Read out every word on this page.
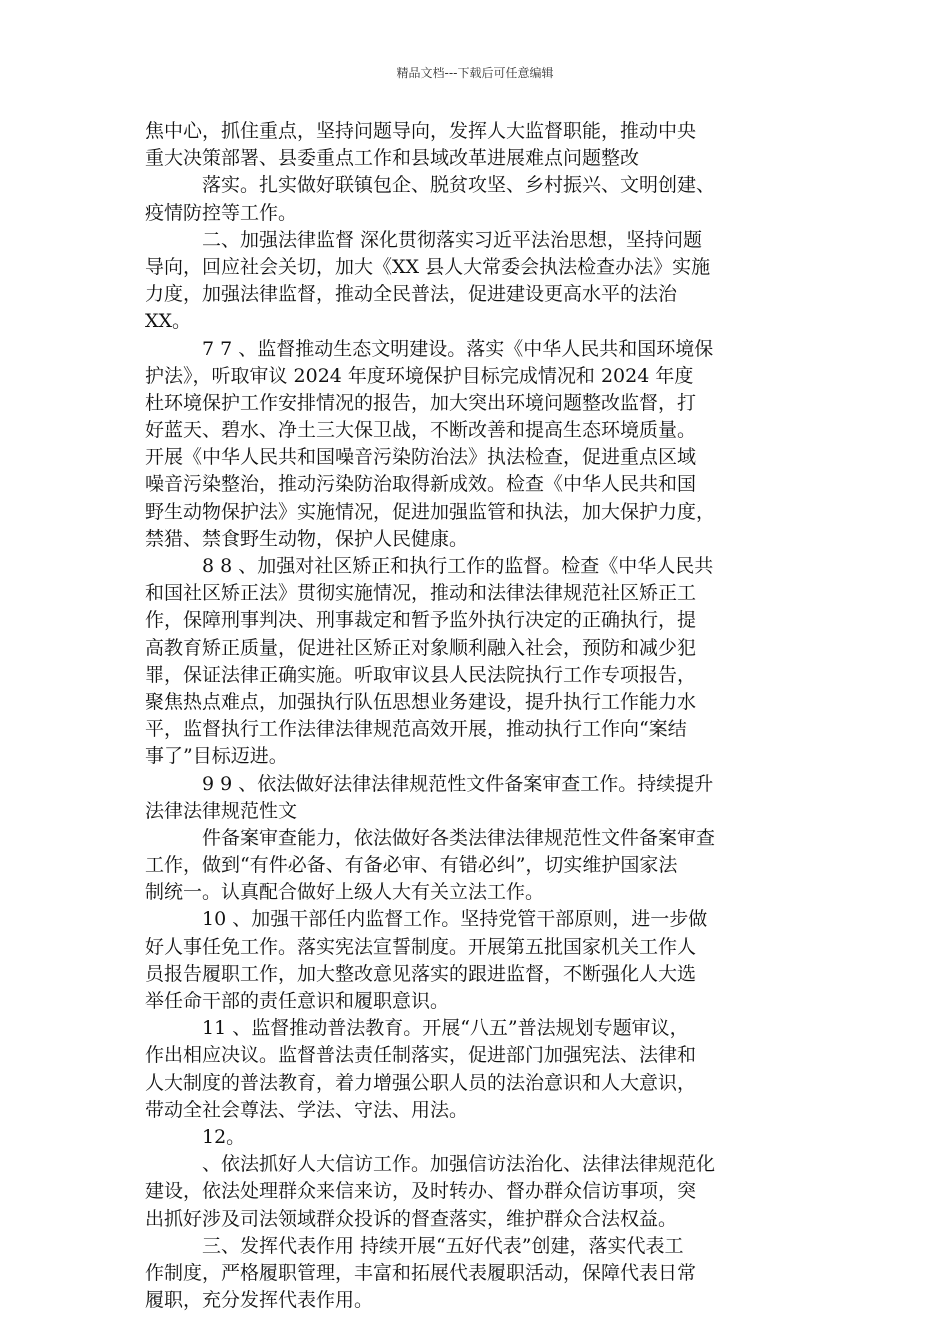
精品文档---下载后可任意编辑
焦中心，抓住重点，坚持问题导向，发挥人大监督职能，推动中央
重大决策部署、县委重点工作和县域改革进展难点问题整改
落实。扎实做好联镇包企、脱贫攻坚、乡村振兴、文明创建、
疫情防控等工作。
二、加强法律监督 深化贯彻落实习近平法治思想，坚持问题
导向，回应社会关切，加大《XX 县人大常委会执法检查办法》实施
力度，加强法律监督，推动全民普法，促进建设更高水平的法治
XX。
7 7 、监督推动生态文明建设。落实《中华人民共和国环境保
护法》，听取审议 2024 年度环境保护目标完成情况和 2024 年度
杜环境保护工作安排情况的报告，加大突出环境问题整改监督，打
好蓝天、碧水、净土三大保卫战，不断改善和提高生态环境质量。
开展《中华人民共和国噪音污染防治法》执法检查，促进重点区域
噪音污染整治，推动污染防治取得新成效。检查《中华人民共和国
野生动物保护法》实施情况，促进加强监管和执法，加大保护力度，
禁猎、禁食野生动物，保护人民健康。
8 8 、加强对社区矫正和执行工作的监督。检查《中华人民共
和国社区矫正法》贯彻实施情况，推动和法律法律规范社区矫正工
作，保障刑事判决、刑事裁定和暂予监外执行决定的正确执行，提
高教育矫正质量，促进社区矫正对象顺利融入社会，预防和减少犯
罪，保证法律正确实施。听取审议县人民法院执行工作专项报告，
聚焦热点难点，加强执行队伍思想业务建设，提升执行工作能力水
平，监督执行工作法律法律规范高效开展，推动执行工作向“案结
事了”目标迈进。
9 9 、依法做好法律法律规范性文件备案审查工作。持续提升
法律法律规范性文
件备案审查能力，依法做好各类法律法律规范性文件备案审查
工作，做到“有件必备、有备必审、有错必纠”，切实维护国家法
制统一。认真配合做好上级人大有关立法工作。
10 、加强干部任内监督工作。坚持党管干部原则，进一步做
好人事任免工作。落实宪法宣誓制度。开展第五批国家机关工作人
员报告履职工作，加大整改意见落实的跟进监督，不断强化人大选
举任命干部的责任意识和履职意识。
11 、监督推动普法教育。开展“八五”普法规划专题审议，
作出相应决议。监督普法责任制落实，促进部门加强宪法、法律和
人大制度的普法教育，着力增强公职人员的法治意识和人大意识，
带动全社会尊法、学法、守法、用法。
12。
、依法抓好人大信访工作。加强信访法治化、法律法律规范化
建设，依法处理群众来信来访，及时转办、督办群众信访事项，突
出抓好涉及司法领域群众投诉的督查落实，维护群众合法权益。
三、发挥代表作用 持续开展“五好代表”创建，落实代表工
作制度，严格履职管理，丰富和拓展代表履职活动，保障代表日常
履职，充分发挥代表作用。
